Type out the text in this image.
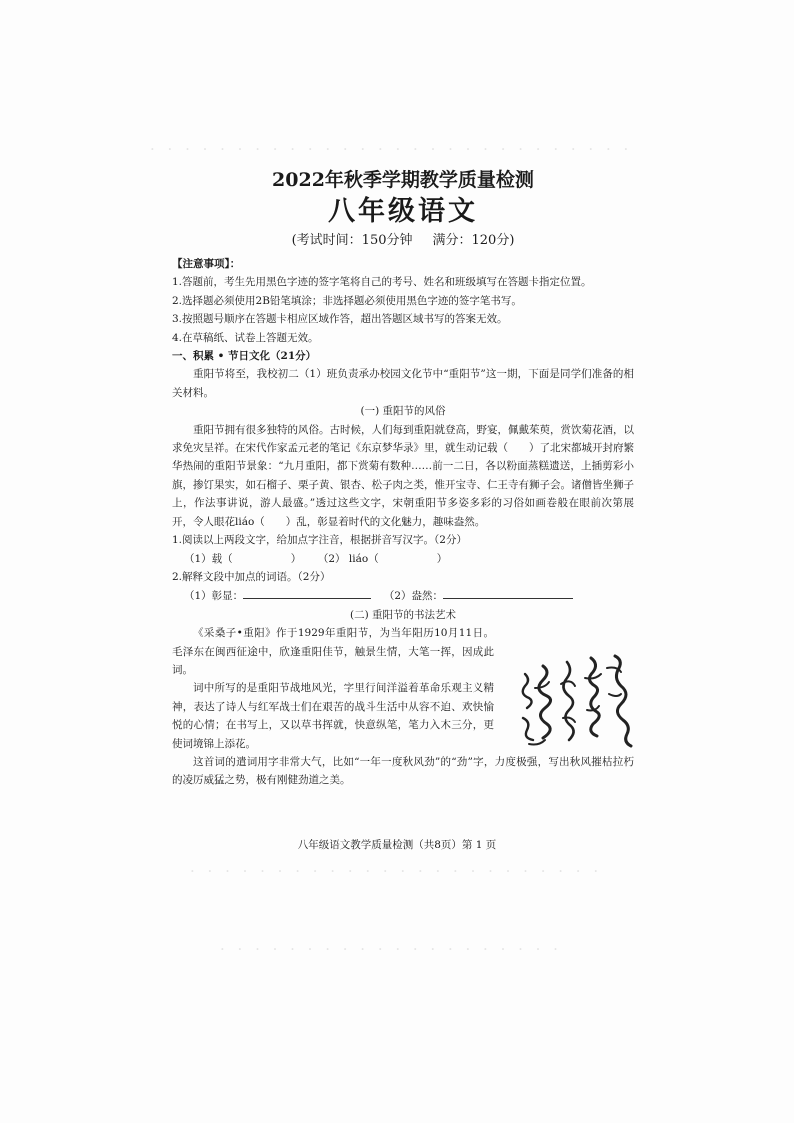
· · · · · · · · · · · · · · · · · · · · · · · · · · · ·
· · · · · · · · · · · · · · · · · · · · · · · ·
· · · · · · · · · · · · · · · · · · · ·

2022年秋季学期教学质量检测

八年级语文

(考试时间：150分钟 满分：120分)

【注意事项】：

1.答题前，考生先用黑色字迹的签字笔将自己的考号、姓名和班级填写在答题卡指定位置。

2.选择题必须使用2B铅笔填涂；非选择题必须使用黑色字迹的签字笔书写。

3.按照题号顺序在答题卡相应区域作答，超出答题区域书写的答案无效。

4.在草稿纸、试卷上答题无效。

一、积累 • 节日文化（21分）

重阳节将至，我校初二（1）班负责承办校园文化节中“重阳节”这一期，下面是同学们准备的相关材料。

(一) 重阳节的风俗

重阳节拥有很多独特的风俗。古时候，人们每到重阳就登高，野宴，佩戴茱萸，赏饮菊花酒，以求免灾呈祥。在宋代作家孟元老的笔记《东京梦华录》里，就生动记载（　　）了北宋都城开封府繁华热闹的重阳节景象：“九月重阳，都下赏菊有数种……前一二日，各以粉面蒸糕遗送，上插剪彩小旗，掺饤果实，如石榴子、栗子黄、银杏、松子肉之类，惟开宝寺、仁王寺有狮子会。诸僧皆坐狮子上，作法事讲说，游人最盛。”透过这些文字，宋朝重阳节多姿多彩的习俗如画卷般在眼前次第展开，令人眼花liáo（　　）乱，彰显着时代的文化魅力，趣味盎然。

1.阅读以上两段文字，给加点字注音，根据拼音写汉字。（2分）

（1）载（	） （2） liáo（	）

2.解释文段中加点的词语。（2分）

（1）彰显：	（2）盎然：

(二) 重阳节的书法艺术

《采桑子•重阳》作于1929年重阳节，为当年阳历10月11日。毛泽东在闽西征途中，欣逢重阳佳节，触景生情，大笔一挥，因成此词。

词中所写的是重阳节战地风光，字里行间洋溢着革命乐观主义精神，表达了诗人与红军战士们在艰苦的战斗生活中从容不迫、欢快愉悦的心情；在书写上，又以草书挥就，快意纵笔，笔力入木三分，更使词境锦上添花。

这首词的遣词用字非常大气，比如“一年一度秋风劲”的“劲”字，力度极强，写出秋风摧枯拉朽的凌厉威猛之势，极有刚健劲道之美。

八年级语文教学质量检测（共8页）第 1 页
